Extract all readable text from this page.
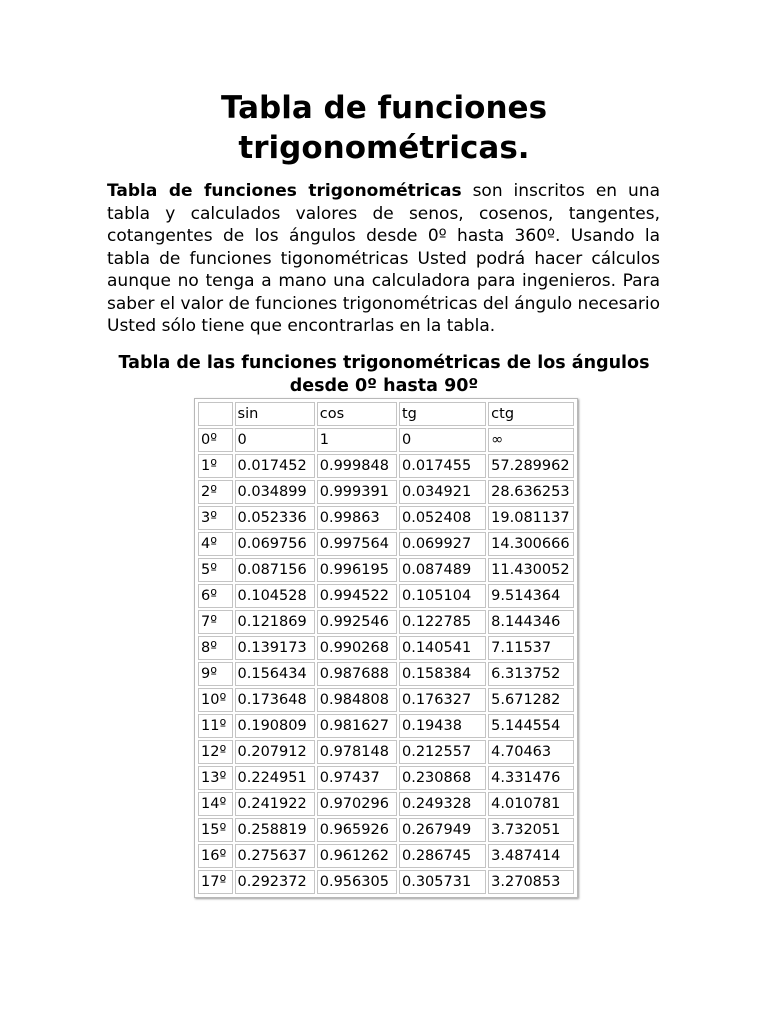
Tabla de funciones
trigonométricas.

Tabla de funciones trigonométricas son inscritos en una tabla y calculados valores de senos, cosenos, tangentes, cotangentes de los ángulos desde 0º hasta 360º. Usando la tabla de funciones tigonométricas Usted podrá hacer cálculos aunque no tenga a mano una calculadora para ingenieros. Para saber el valor de funciones trigonométricas del ángulo necesario Usted sólo tiene que encontrarlas en la tabla.

Tabla de las funciones trigonométricas de los ángulos desde 0º hasta 90º

	sin	cos	tg	ctg
0º	0	1	0	∞
1º	0.017452	0.999848	0.017455	57.289962
2º	0.034899	0.999391	0.034921	28.636253
3º	0.052336	0.99863	0.052408	19.081137
4º	0.069756	0.997564	0.069927	14.300666
5º	0.087156	0.996195	0.087489	11.430052
6º	0.104528	0.994522	0.105104	9.514364
7º	0.121869	0.992546	0.122785	8.144346
8º	0.139173	0.990268	0.140541	7.11537
9º	0.156434	0.987688	0.158384	6.313752
10º	0.173648	0.984808	0.176327	5.671282
11º	0.190809	0.981627	0.19438	5.144554
12º	0.207912	0.978148	0.212557	4.70463
13º	0.224951	0.97437	0.230868	4.331476
14º	0.241922	0.970296	0.249328	4.010781
15º	0.258819	0.965926	0.267949	3.732051
16º	0.275637	0.961262	0.286745	3.487414
17º	0.292372	0.956305	0.305731	3.270853
